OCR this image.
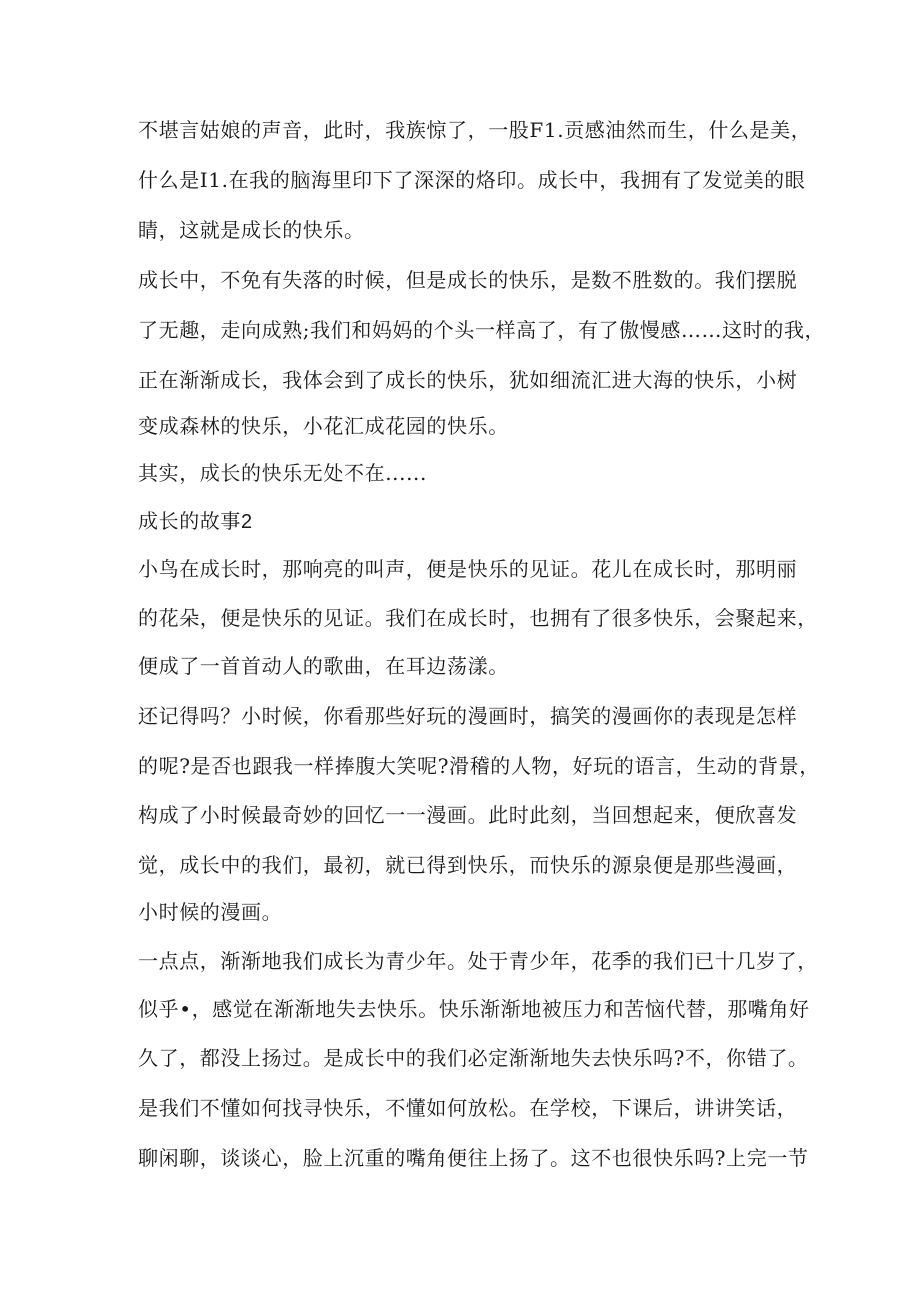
不堪言姑娘的声音，此时，我族惊了，一股F1.贡感油然而生，什么是美，
什么是I1.在我的脑海里印下了深深的烙印。成长中，我拥有了发觉美的眼
睛，这就是成长的快乐。
成长中，不免有失落的时候，但是成长的快乐，是数不胜数的。我们摆脱
了无趣，走向成熟;我们和妈妈的个头一样高了，有了傲慢感……这时的我，
正在渐渐成长，我体会到了成长的快乐，犹如细流汇进大海的快乐，小树
变成森林的快乐，小花汇成花园的快乐。
其实，成长的快乐无处不在......
成长的故事2
小鸟在成长时，那响亮的叫声，便是快乐的见证。花儿在成长时，那明丽
的花朵，便是快乐的见证。我们在成长时，也拥有了很多快乐，会聚起来，
便成了一首首动人的歌曲，在耳边荡漾。
还记得吗？小时候，你看那些好玩的漫画时，搞笑的漫画你的表现是怎样
的呢?是否也跟我一样捧腹大笑呢?滑稽的人物，好玩的语言，生动的背景，
构成了小时候最奇妙的回忆一一漫画。此时此刻，当回想起来，便欣喜发
觉，成长中的我们，最初，就已得到快乐，而快乐的源泉便是那些漫画，
小时候的漫画。
一点点，渐渐地我们成长为青少年。处于青少年，花季的我们已十几岁了，
似乎•，感觉在渐渐地失去快乐。快乐渐渐地被压力和苦恼代替，那嘴角好
久了，都没上扬过。是成长中的我们必定渐渐地失去快乐吗?不，你错了。
是我们不懂如何找寻快乐，不懂如何放松。在学校，下课后，讲讲笑话，
聊闲聊，谈谈心，脸上沉重的嘴角便往上扬了。这不也很快乐吗?上完一节
